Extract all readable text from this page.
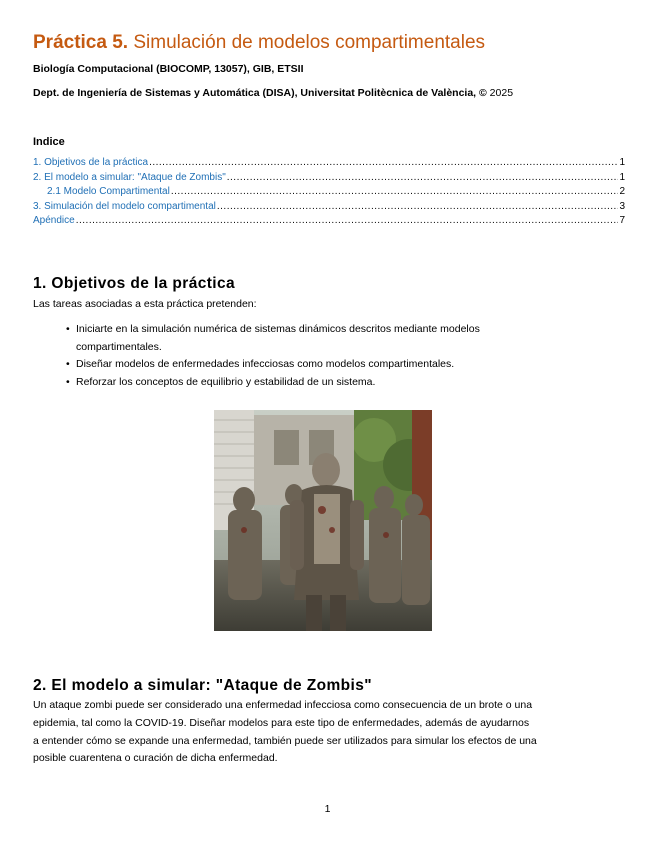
Práctica 5. Simulación de modelos compartimentales
Biología Computacional (BIOCOMP, 13057), GIB, ETSII
Dept. de Ingeniería de Sistemas y Automática (DISA), Universitat Politècnica de València, © 2025
Indice
1. Objetivos de la práctica .....	1
2. El modelo a simular: "Ataque de Zombis" .....	1
2.1 Modelo Compartimental .....	2
3. Simulación del modelo compartimental .....	3
Apéndice .....	7
1. Objetivos de la práctica
Las tareas asociadas a esta práctica pretenden:
• Iniciarte en la simulación numérica de sistemas dinámicos descritos mediante modelos
compartimentales.
• Diseñar modelos de enfermedades infecciosas como modelos compartimentales.
• Reforzar los conceptos de equilibrio y estabilidad de un sistema.
2. El modelo a simular: "Ataque de Zombis"
Un ataque zombi puede ser considerado una enfermedad infecciosa como consecuencia de un brote o una
epidemia, tal como la COVID-19. Diseñar modelos para este tipo de enfermedades, además de ayudarnos
a entender cómo se expande una enfermedad, también puede ser utilizados para simular los efectos de una
posible cuarentena o curación de dicha enfermedad.
1
